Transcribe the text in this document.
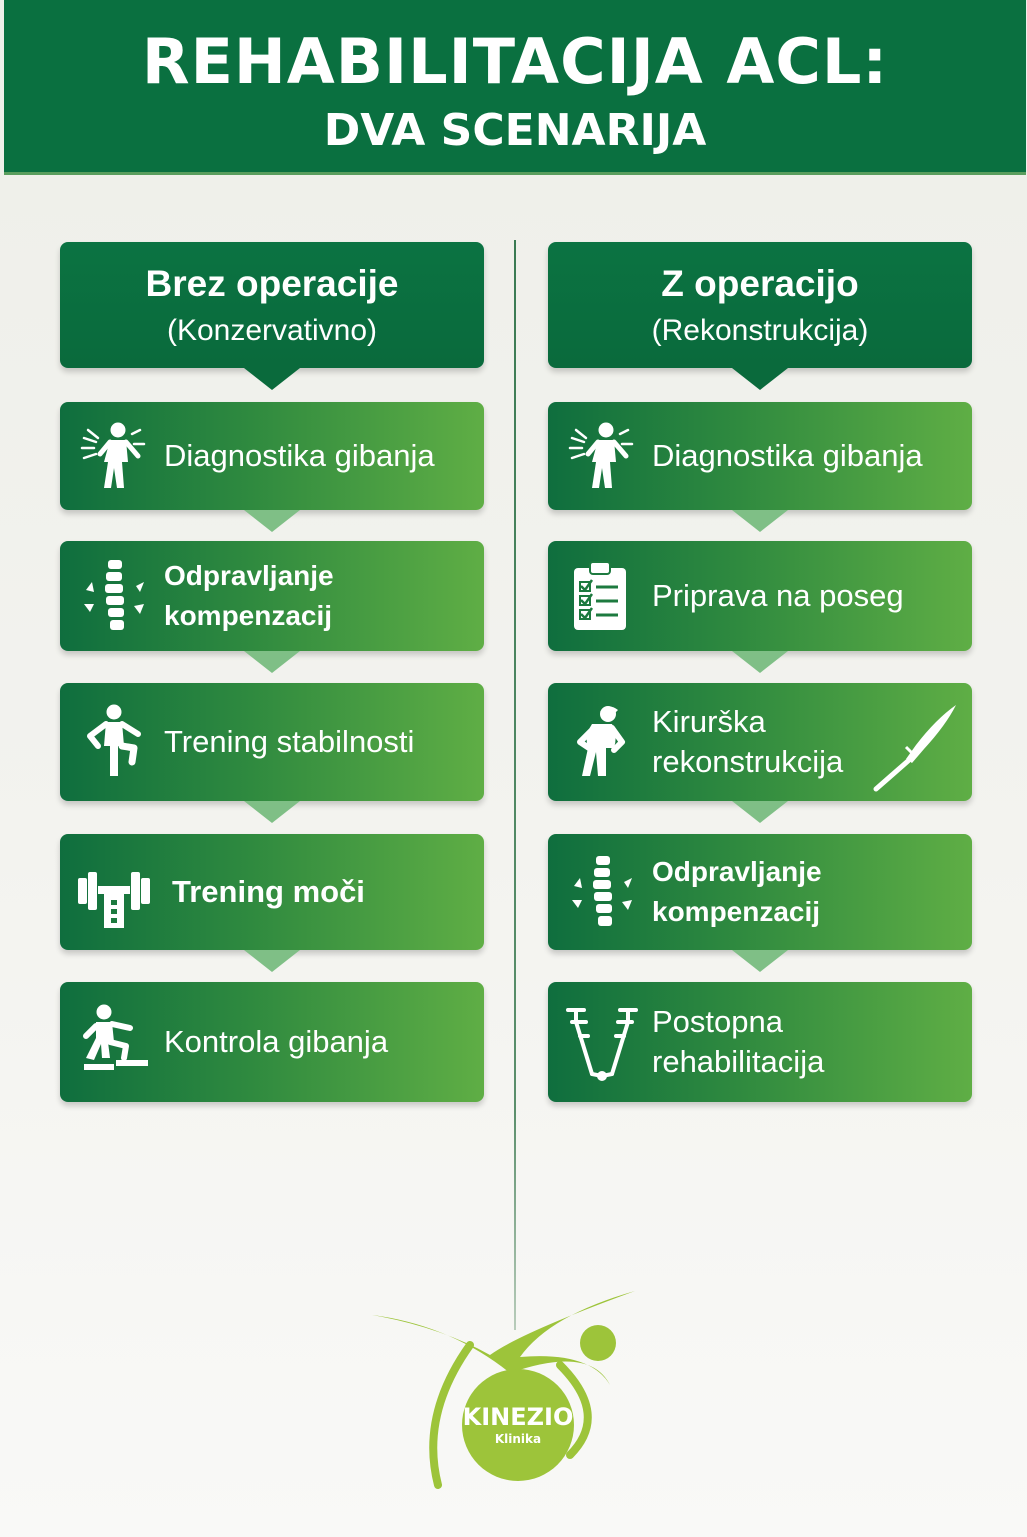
REHABILITACIJA ACL:
DVA SCENARIJA
Brez operacije
(Konzervativno)
Diagnostika gibanja
Odpravljanje kompenzacij
Trening stabilnosti
Trening moči
Kontrola gibanja
Z operacijo
(Rekonstrukcija)
Diagnostika gibanja
Priprava na poseg
Kirurška rekonstrukcija
Odpravljanje kompenzacij
Postopna rehabilitacija
KINEZIO
Klinika
